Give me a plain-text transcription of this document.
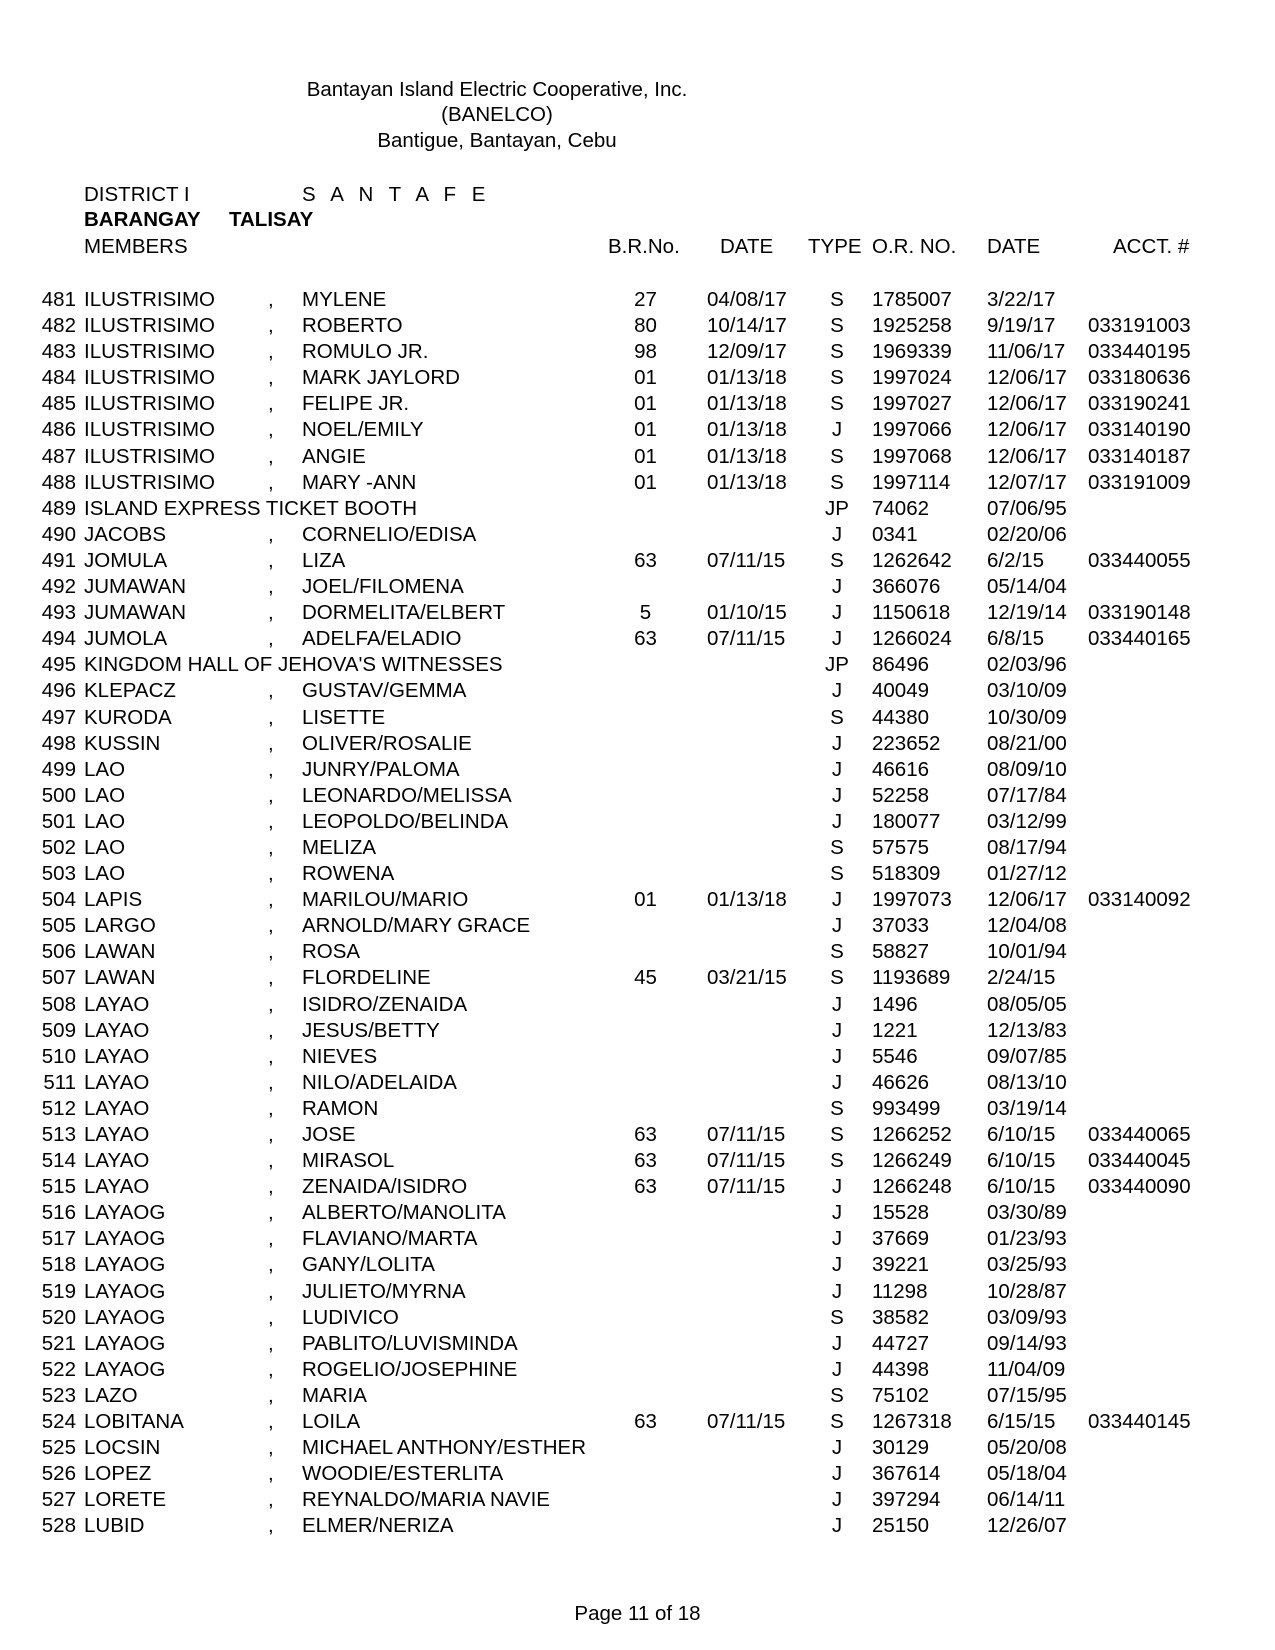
Bantayan Island Electric Cooperative, Inc.
(BANELCO)
Bantigue, Bantayan, Cebu
DISTRICT I	S A N T A F E
BARANGAY TALISAY
MEMBERS	B.R.No. DATE TYPE O.R. NO. DATE	ACCT. #
481 ILUSTRISIMO	, MYLENE	27	04/08/17	S	1785007 3/22/17
482 ILUSTRISIMO	, ROBERTO	80	10/14/17	S	1925258 9/19/17 033191003
483 ILUSTRISIMO	, ROMULO JR.	98	12/09/17	S	1969339 11/06/17 033440195
484 ILUSTRISIMO	, MARK JAYLORD	01	01/13/18	S	1997024 12/06/17 033180636
485 ILUSTRISIMO	, FELIPE JR.	01	01/13/18	S	1997027 12/06/17 033190241
486 ILUSTRISIMO	, NOEL/EMILY	01	01/13/18	J	1997066 12/06/17 033140190
487 ILUSTRISIMO	, ANGIE	01	01/13/18	S	1997068 12/06/17 033140187
488 ILUSTRISIMO	, MARY -ANN	01	01/13/18	S	1997114 12/07/17 033191009
489 ISLAND EXPRESS TICKET BOOTH	JP 74062	07/06/95
490 JACOBS	, CORNELIO/EDISA	J	0341	02/20/06
491 JOMULA	, LIZA	63	07/11/15	S	1262642 6/2/15 033440055
492 JUMAWAN	, JOEL/FILOMENA	J	366076 05/14/04
493 JUMAWAN	, DORMELITA/ELBERT	5	01/10/15	J	1150618 12/19/14 033190148
494 JUMOLA	, ADELFA/ELADIO	63	07/11/15	J	1266024 6/8/15 033440165
495 KINGDOM HALL OF JEHOVA'S WITNESSES	JP 86496	02/03/96
496 KLEPACZ	, GUSTAV/GEMMA	J	40049	03/10/09
497 KURODA	, LISETTE	S	44380	10/30/09
498 KUSSIN	, OLIVER/ROSALIE	J	223652 08/21/00
499 LAO	, JUNRY/PALOMA	J	46616	08/09/10
500 LAO	, LEONARDO/MELISSA	J	52258	07/17/84
501 LAO	, LEOPOLDO/BELINDA	J	180077 03/12/99
502 LAO	, MELIZA	S	57575	08/17/94
503 LAO	, ROWENA	S	518309 01/27/12
504 LAPIS	, MARILOU/MARIO	01	01/13/18	J	1997073 12/06/17 033140092
505 LARGO	, ARNOLD/MARY GRACE	J	37033	12/04/08
506 LAWAN	, ROSA	S	58827	10/01/94
507 LAWAN	, FLORDELINE	45	03/21/15	S	1193689 2/24/15
508 LAYAO	, ISIDRO/ZENAIDA	J	1496	08/05/05
509 LAYAO	, JESUS/BETTY	J	1221	12/13/83
510 LAYAO	, NIEVES	J	5546	09/07/85
511 LAYAO	, NILO/ADELAIDA	J	46626	08/13/10
512 LAYAO	, RAMON	S	993499 03/19/14
513 LAYAO	, JOSE	63	07/11/15	S	1266252 6/10/15 033440065
514 LAYAO	, MIRASOL	63	07/11/15	S	1266249 6/10/15 033440045
515 LAYAO	, ZENAIDA/ISIDRO	63	07/11/15	J	1266248 6/10/15 033440090
516 LAYAOG	, ALBERTO/MANOLITA	J	15528	03/30/89
517 LAYAOG	, FLAVIANO/MARTA	J	37669	01/23/93
518 LAYAOG	, GANY/LOLITA	J	39221	03/25/93
519 LAYAOG	, JULIETO/MYRNA	J	11298	10/28/87
520 LAYAOG	, LUDIVICO	S	38582	03/09/93
521 LAYAOG	, PABLITO/LUVISMINDA	J	44727	09/14/93
522 LAYAOG	, ROGELIO/JOSEPHINE	J	44398	11/04/09
523 LAZO	, MARIA	S	75102	07/15/95
524 LOBITANA	, LOILA	63	07/11/15	S	1267318 6/15/15 033440145
525 LOCSIN	, MICHAEL ANTHONY/ESTHER	J	30129	05/20/08
526 LOPEZ	, WOODIE/ESTERLITA	J	367614 05/18/04
527 LORETE	, REYNALDO/MARIA NAVIE	J	397294 06/14/11
528 LUBID	, ELMER/NERIZA	J	25150	12/26/07
Page 11 of 18
